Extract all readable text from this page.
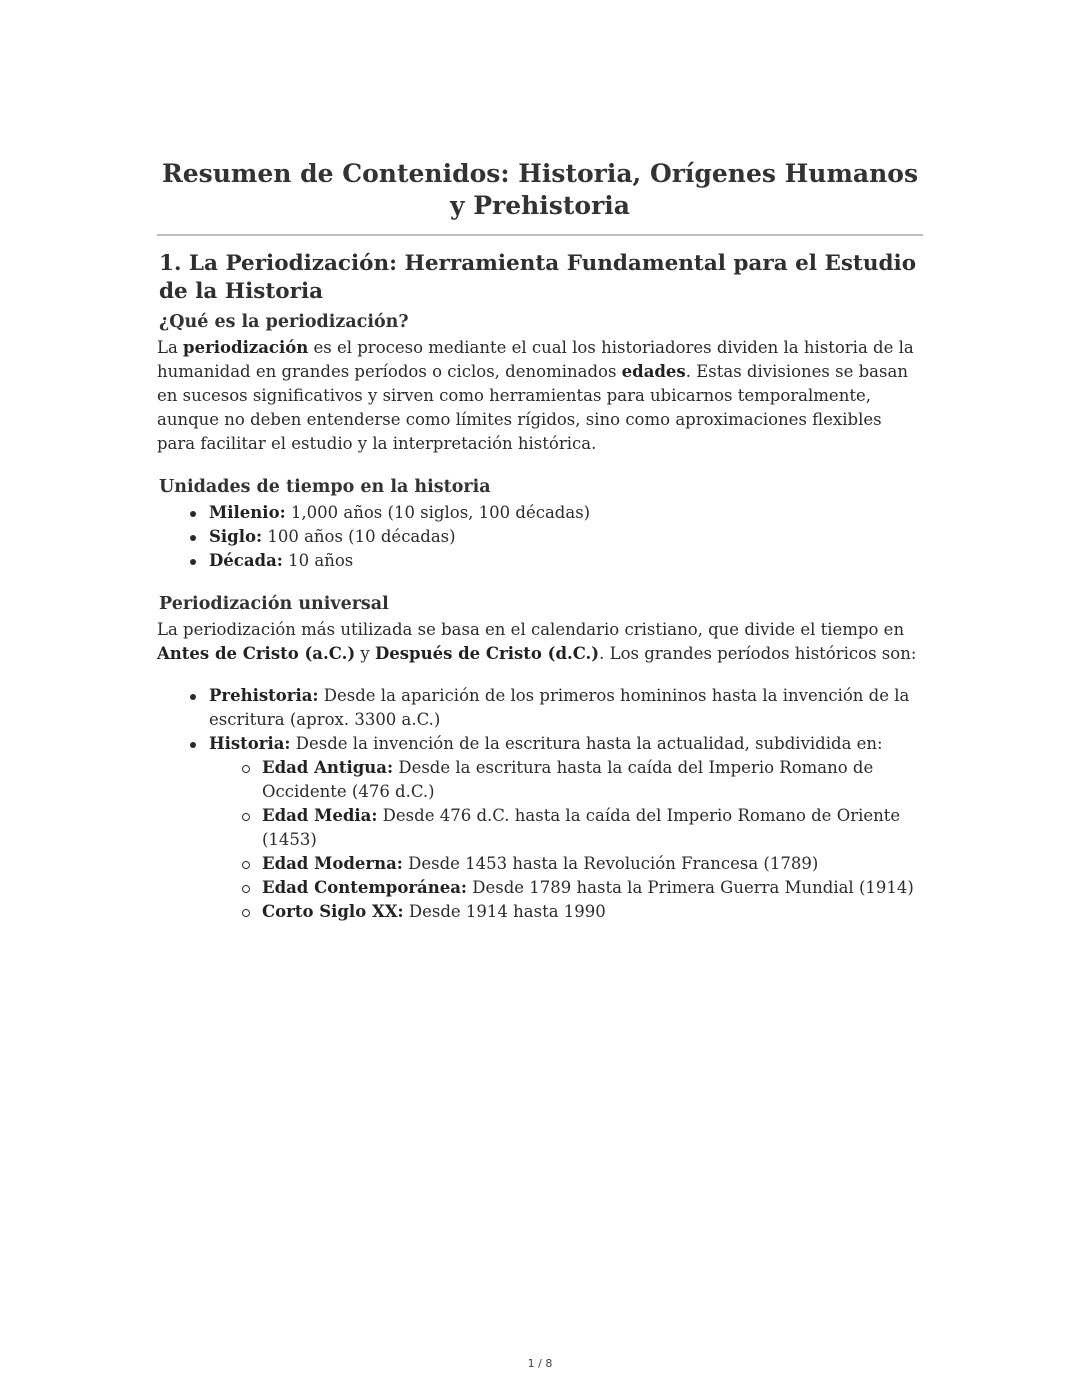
Resumen de Contenidos: Historia, Orígenes Humanos y Prehistoria
1. La Periodización: Herramienta Fundamental para el Estudio de la Historia
¿Qué es la periodización?

La periodización es el proceso mediante el cual los historiadores dividen la historia de la humanidad en grandes períodos o ciclos, denominados edades. Estas divisiones se basan en sucesos significativos y sirven como herramientas para ubicarnos temporalmente, aunque no deben entenderse como límites rígidos, sino como aproximaciones flexibles para facilitar el estudio y la interpretación histórica.

Unidades de tiempo en la historia
Milenio: 1,000 años (10 siglos, 100 décadas)
Siglo: 100 años (10 décadas)
Década: 10 años
Periodización universal

La periodización más utilizada se basa en el calendario cristiano, que divide el tiempo en Antes de Cristo (a.C.) y Después de Cristo (d.C.). Los grandes períodos históricos son:

Prehistoria: Desde la aparición de los primeros homininos hasta la invención de la escritura (aprox. 3300 a.C.)
Historia: Desde la invención de la escritura hasta la actualidad, subdividida en:
Edad Antigua: Desde la escritura hasta la caída del Imperio Romano de Occidente (476 d.C.)
Edad Media: Desde 476 d.C. hasta la caída del Imperio Romano de Oriente (1453)
Edad Moderna: Desde 1453 hasta la Revolución Francesa (1789)
Edad Contemporánea: Desde 1789 hasta la Primera Guerra Mundial (1914)
Corto Siglo XX: Desde 1914 hasta 1990
1 / 8
